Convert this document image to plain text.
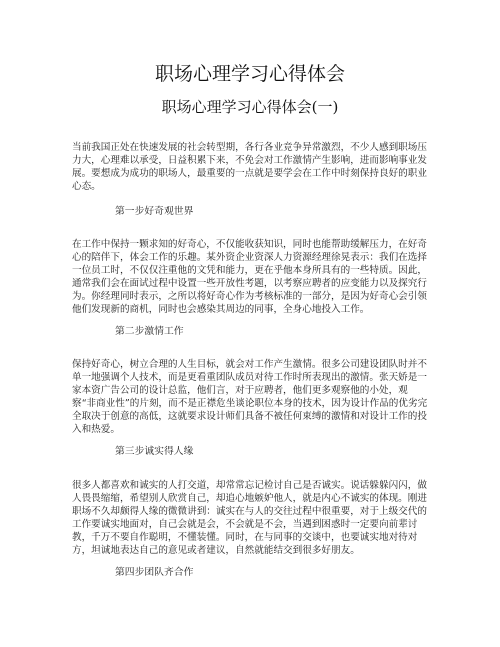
职场心理学习心得体会
职场心理学习心得体会(一)

当前我国正处在快速发展的社会转型期，各行各业竞争异常激烈，不少人感到职场压力大，心理难以承受，日益积累下来，不免会对工作激情产生影响，进而影响事业发展。要想成为成功的职场人，最重要的一点就是要学会在工作中时刻保持良好的职业心态。

第一步好奇观世界

在工作中保持一颗求知的好奇心，不仅能收获知识，同时也能帮助缓解压力，在好奇心的陪伴下，体会工作的乐趣。某外资企业资深人力资源经理徐晃表示：我们在选择一位员工时，不仅仅注重他的文凭和能力，更在乎他本身所具有的一些特质。因此，通常我们会在面试过程中设置一些开放性考题，以考察应聘者的应变能力以及探究行为。你经理同时表示，之所以将好奇心作为考核标准的一部分，是因为好奇心会引领他们发现新的商机，同时也会感染其周边的同事，全身心地投入工作。

第二步激情工作

保持好奇心，树立合理的人生目标，就会对工作产生激情。很多公司建设团队时并不单一地强调个人技术，而是更看重团队成员对待工作时所表现出的激情。张天娇是一家本资广告公司的设计总监，他们言，对于应聘者，他们更多观察他的小处，观察“非商业性”的片刻，而不是正襟危坐谈论职位本身的技术，因为设计作品的优劣完全取决于创意的高低，这就要求设计师们具备不被任何束缚的激情和对设计工作的投入和热爱。

第三步诚实得人缘

很多人都喜欢和诚实的人打交道，却常常忘记检讨自己是否诚实。说话躲躲闪闪，做人畏畏缩缩，希望别人欣赏自己，却追心地嫉妒他人，就是内心不诚实的体现。刚进职场不久却颇得人缘的微微讲到：诚实在与人的交往过程中很重要，对于上级交代的工作要诚实地面对，自己会就是会，不会就是不会，当遇到困惑时一定要向前辈讨教，千万不要自作聪明，不懂装懂。同时，在与同事的交谈中，也要诚实地对待对方，坦诚地表达自己的意见或者建议，自然就能结交到很多好朋友。

第四步团队齐合作
